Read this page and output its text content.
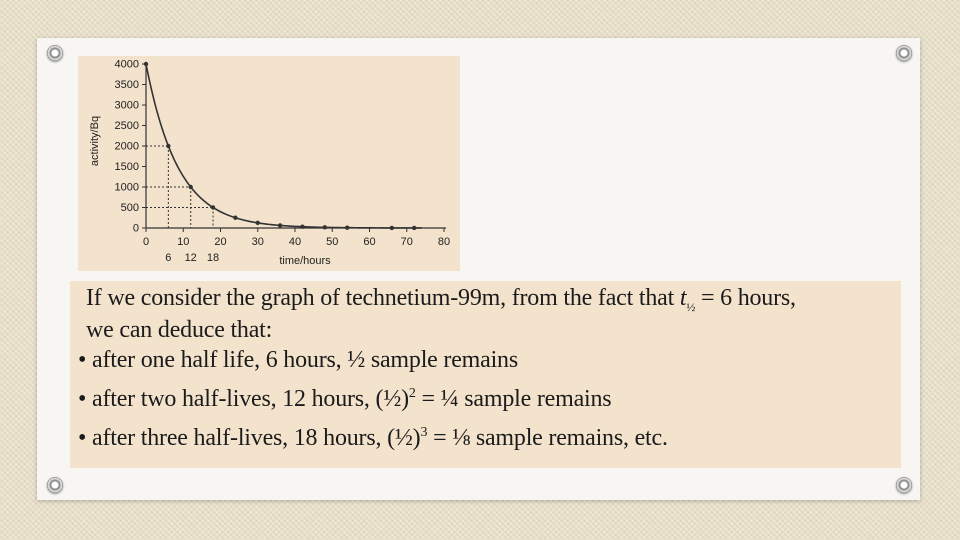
0
500
1000
1500
2000
2500
3000
3500
4000
0	10 20 30 40 50 60 70 80
6 12 18	time/hours
activity/Bq
If we consider the graph of technetium-99m, from the fact that $t_{\frac{1}{2}} = 6$ hours,
we can deduce that:
• after one half life, 6 hours, ½ sample remains
• after two half-lives, 12 hours, (½)$^2$ = ¼ sample remains
• after three half-lives, 18 hours, (½)$^3$ = ⅛ sample remains, etc.
